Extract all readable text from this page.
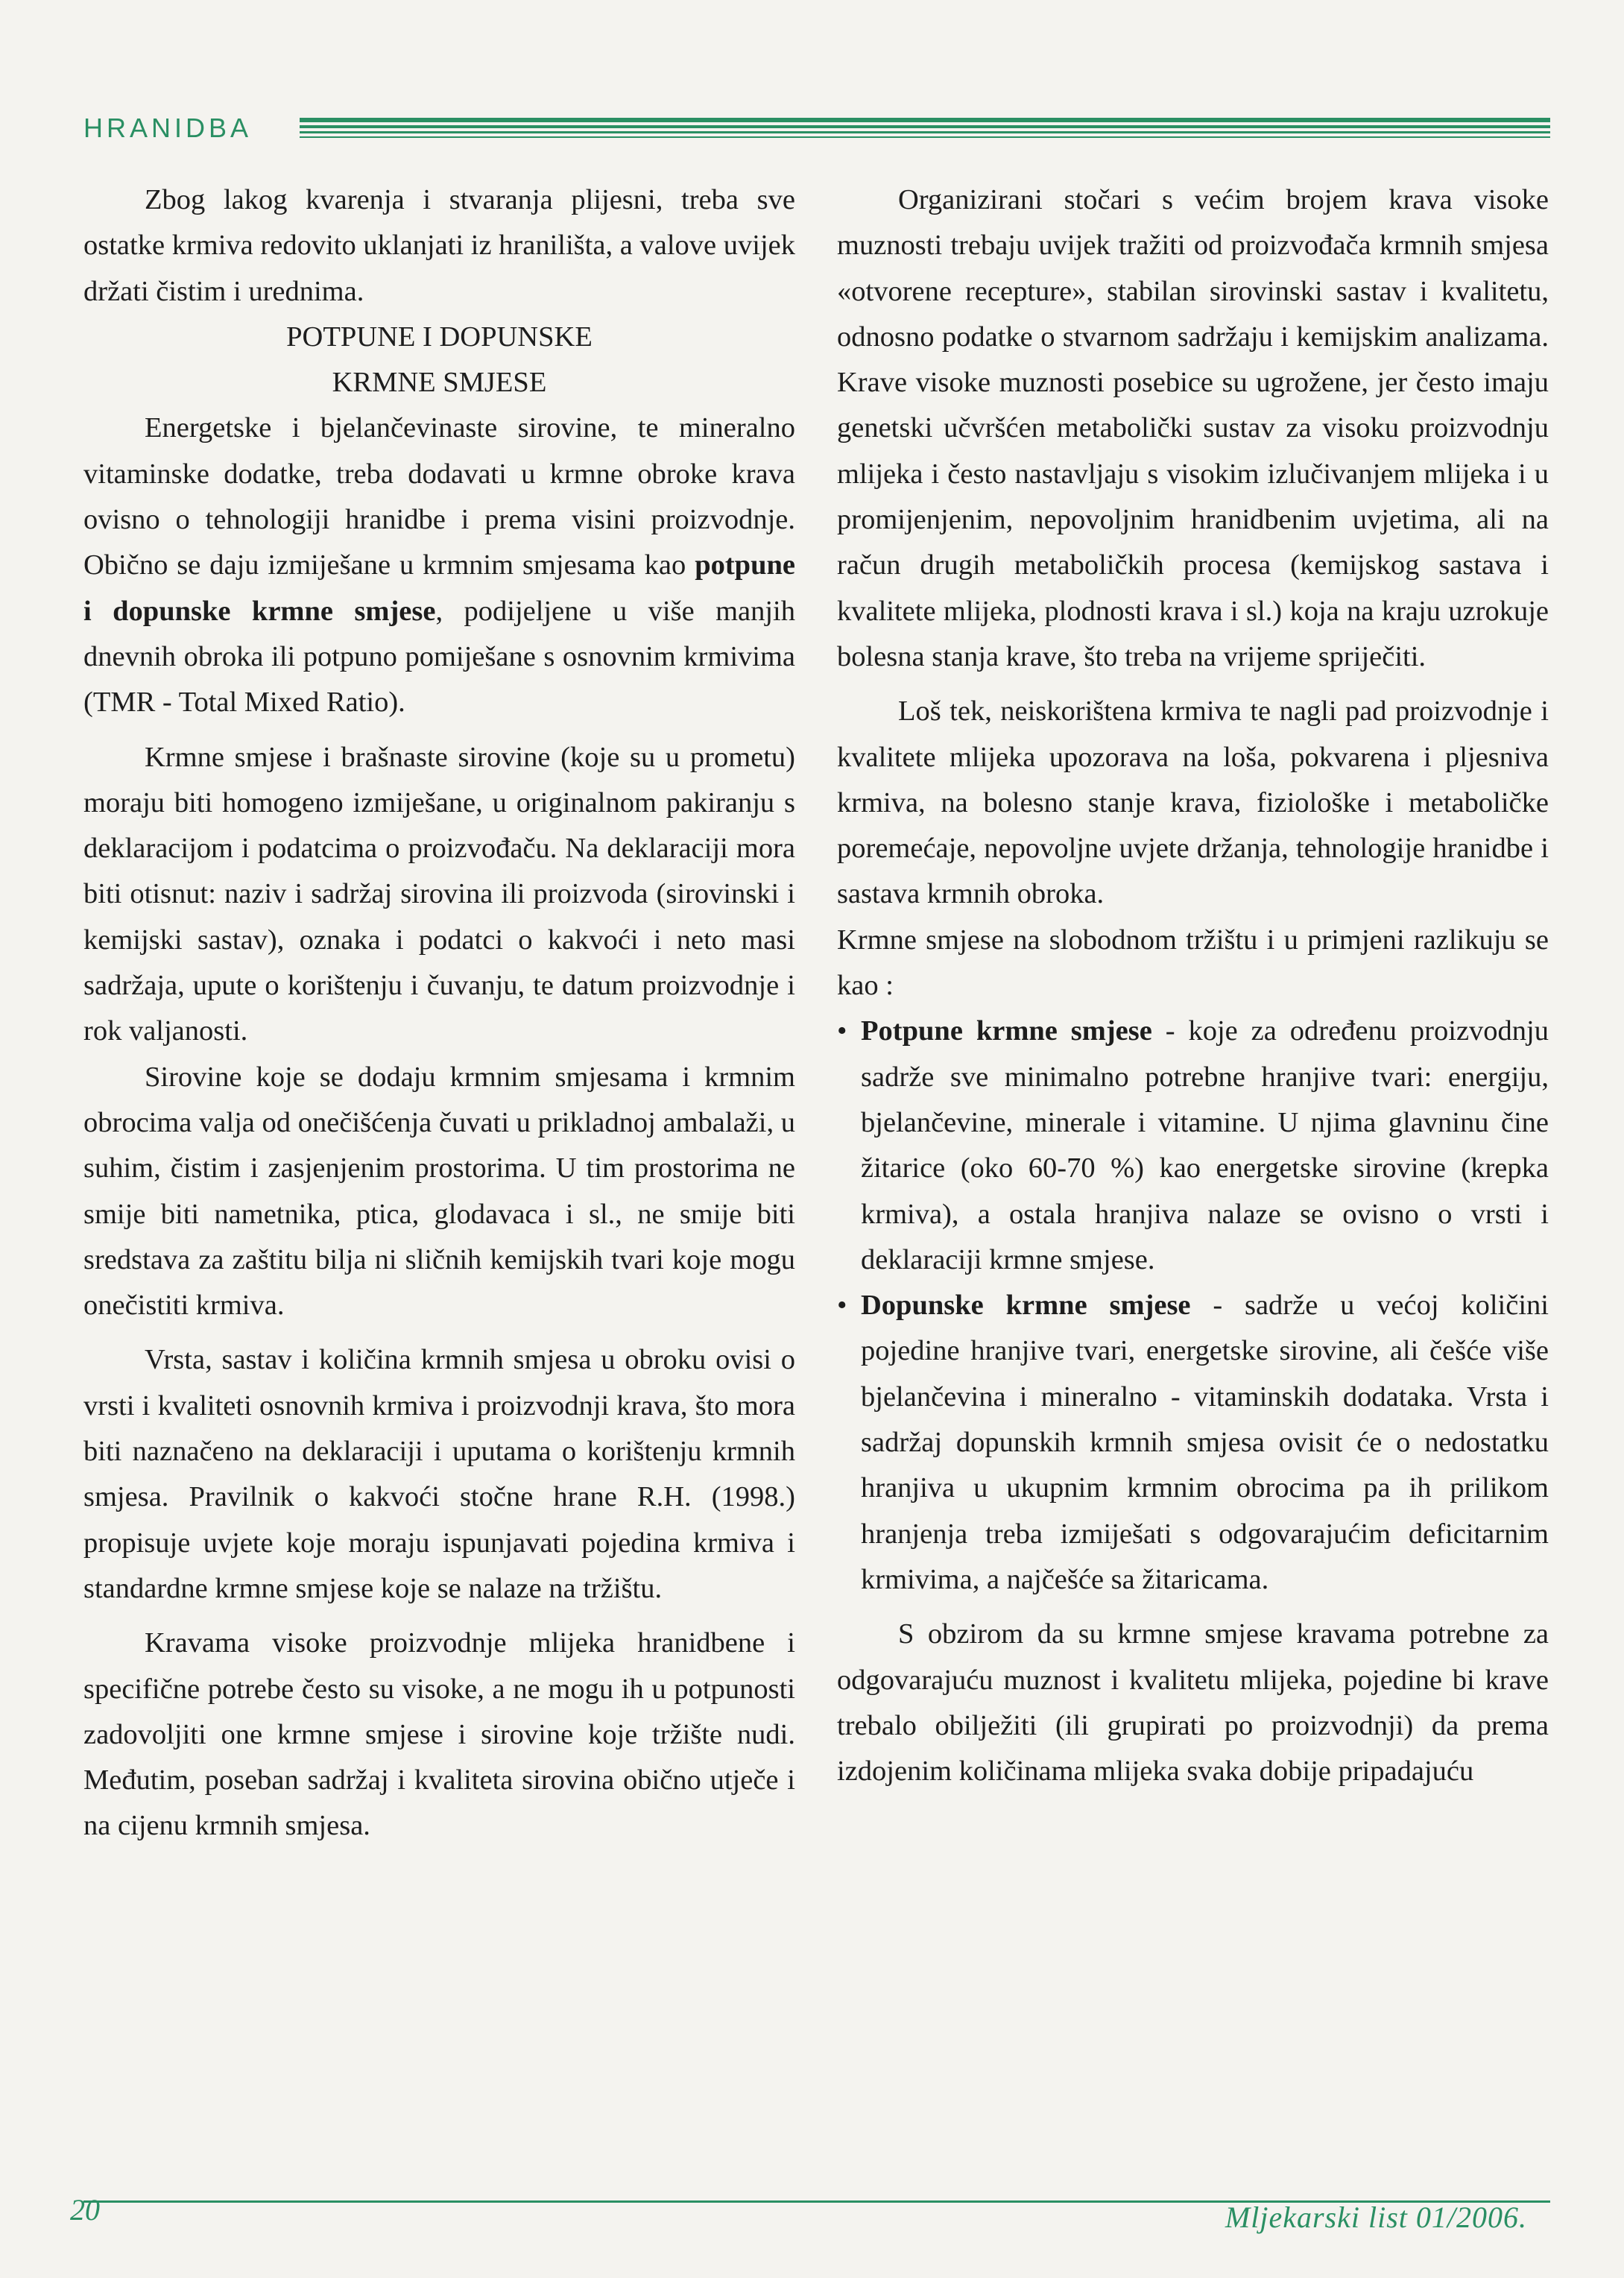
HRANIDBA

Zbog lakog kvarenja i stvaranja plijesni, treba sve ostatke krmiva redovito uklanjati iz hranilišta, a valove uvijek držati čistim i urednima.

POTPUNE I DOPUNSKE

KRMNE SMJESE

Energetske i bjelančevinaste sirovine, te mineralno vitaminske dodatke, treba dodavati u krmne obroke krava ovisno o tehnologiji hranidbe i prema visini proizvodnje. Obično se daju izmiješane u krmnim smjesama kao potpune i dopunske krmne smjese, podijeljene u više manjih dnevnih obroka ili potpuno pomiješane s osnovnim krmivima (TMR - Total Mixed Ratio).

Krmne smjese i brašnaste sirovine (koje su u prometu) moraju biti homogeno izmiješane, u originalnom pakiranju s deklaracijom i podatcima o proizvođaču. Na deklaraciji mora biti otisnut: naziv i sadržaj sirovina ili proizvoda (sirovinski i kemijski sastav), oznaka i podatci o kakvoći i neto masi sadržaja, upute o korištenju i čuvanju, te datum proizvodnje i rok valjanosti.

Sirovine koje se dodaju krmnim smjesama i krmnim obrocima valja od onečišćenja čuvati u prikladnoj ambalaži, u suhim, čistim i zasjenjenim prostorima. U tim prostorima ne smije biti nametnika, ptica, glodavaca i sl., ne smije biti sredstava za zaštitu bilja ni sličnih kemijskih tvari koje mogu onečistiti krmiva.

Vrsta, sastav i količina krmnih smjesa u obroku ovisi o vrsti i kvaliteti osnovnih krmiva i proizvodnji krava, što mora biti naznačeno na deklaraciji i uputama o korištenju krmnih smjesa. Pravilnik o kakvoći stočne hrane R.H. (1998.) propisuje uvjete koje moraju ispunjavati pojedina krmiva i standardne krmne smjese koje se nalaze na tržištu.

Kravama visoke proizvodnje mlijeka hranidbene i specifične potrebe često su visoke, a ne mogu ih u potpunosti zadovoljiti one krmne smjese i sirovine koje tržište nudi. Međutim, poseban sadržaj i kvaliteta sirovina obično utječe i na cijenu krmnih smjesa.

Organizirani stočari s većim brojem krava visoke muznosti trebaju uvijek tražiti od proizvođača krmnih smjesa «otvorene recepture», stabilan sirovinski sastav i kvalitetu, odnosno podatke o stvarnom sadržaju i kemijskim analizama. Krave visoke muznosti posebice su ugrožene, jer često imaju genetski učvršćen metabolički sustav za visoku proizvodnju mlijeka i često nastavljaju s visokim izlučivanjem mlijeka i u promijenjenim, nepovoljnim hranidbenim uvjetima, ali na račun drugih metaboličkih procesa (kemijskog sastava i kvalitete mlijeka, plodnosti krava i sl.) koja na kraju uzrokuje bolesna stanja krave, što treba na vrijeme spriječiti.

Loš tek, neiskorištena krmiva te nagli pad proizvodnje i kvalitete mlijeka upozorava na loša, pokvarena i pljesniva krmiva, na bolesno stanje krava, fiziološke i metaboličke poremećaje, nepovoljne uvjete držanja, tehnologije hranidbe i sastava krmnih obroka.

Krmne smjese na slobodnom tržištu i u primjeni razlikuju se kao :

• Potpune krmne smjese - koje za određenu proizvodnju sadrže sve minimalno potrebne hranjive tvari: energiju, bjelančevine, minerale i vitamine. U njima glavninu čine žitarice (oko 60-70 %) kao energetske sirovine (krepka krmiva), a ostala hranjiva nalaze se ovisno o vrsti i deklaraciji krmne smjese.

• Dopunske krmne smjese - sadrže u većoj količini pojedine hranjive tvari, energetske sirovine, ali češće više bjelančevina i mineralno - vitaminskih dodataka. Vrsta i sadržaj dopunskih krmnih smjesa ovisit će o nedostatku hranjiva u ukupnim krmnim obrocima pa ih prilikom hranjenja treba izmiješati s odgovarajućim deficitarnim krmivima, a najčešće sa žitaricama.

S obzirom da su krmne smjese kravama potrebne za odgovarajuću muznost i kvalitetu mlijeka, pojedine bi krave trebalo obilježiti (ili grupirati po proizvodnji) da prema izdojenim količinama mlijeka svaka dobije pripadajuću

20	Mljekarski list 01/2006.
